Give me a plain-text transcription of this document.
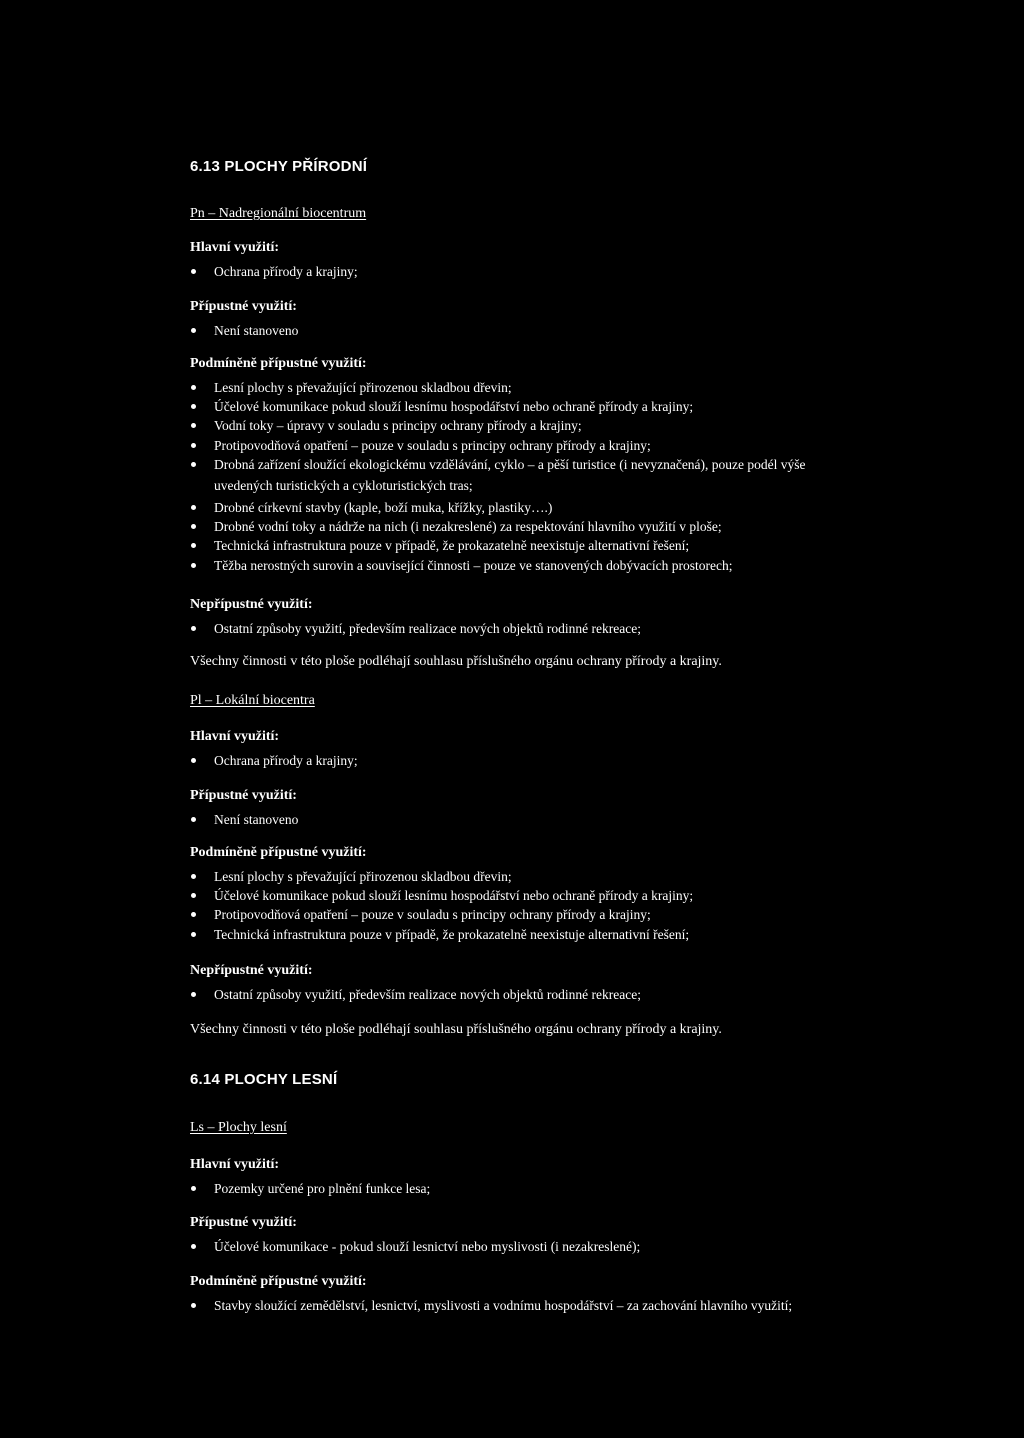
6.13 PLOCHY PŘÍRODNÍ
Pn – Nadregionální biocentrum
Hlavní využití:
Ochrana přírody a krajiny;
Přípustné využití:
Není stanoveno
Podmíněně přípustné využití:
Lesní plochy s převažující přirozenou skladbou dřevin;
Účelové komunikace pokud slouží lesnímu hospodářství nebo ochraně přírody a krajiny;
Vodní toky – úpravy v souladu s principy ochrany přírody a krajiny;
Protipovodňová opatření – pouze v souladu s principy ochrany přírody a krajiny;
Drobná zařízení sloužící ekologickému vzdělávání, cyklo – a pěší turistice (i nevyznačená), pouze podél výše
uvedených turistických a cykloturistických tras;
Drobné církevní stavby (kaple, boží muka, křížky, plastiky….)
Drobné vodní toky a nádrže na nich (i nezakreslené) za respektování hlavního využití v ploše;
Technická infrastruktura pouze v případě, že prokazatelně neexistuje alternativní řešení;
Těžba nerostných surovin a související činnosti – pouze ve stanovených dobývacích prostorech;
Nepřípustné využití:
Ostatní způsoby využití, především realizace nových objektů rodinné rekreace;
Všechny činnosti v této ploše podléhají souhlasu příslušného orgánu ochrany přírody a krajiny.
Pl – Lokální biocentra
Hlavní využití:
Ochrana přírody a krajiny;
Přípustné využití:
Není stanoveno
Podmíněně přípustné využití:
Lesní plochy s převažující přirozenou skladbou dřevin;
Účelové komunikace pokud slouží lesnímu hospodářství nebo ochraně přírody a krajiny;
Protipovodňová opatření – pouze v souladu s principy ochrany přírody a krajiny;
Technická infrastruktura pouze v případě, že prokazatelně neexistuje alternativní řešení;
Nepřípustné využití:
Ostatní způsoby využití, především realizace nových objektů rodinné rekreace;
Všechny činnosti v této ploše podléhají souhlasu příslušného orgánu ochrany přírody a krajiny.
6.14 PLOCHY LESNÍ
Ls – Plochy lesní
Hlavní využití:
Pozemky určené pro plnění funkce lesa;
Přípustné využití:
Účelové komunikace - pokud slouží lesnictví nebo myslivosti (i nezakreslené);
Podmíněně přípustné využití:
Stavby sloužící zemědělství, lesnictví, myslivosti a vodnímu hospodářství – za zachování hlavního využití;
